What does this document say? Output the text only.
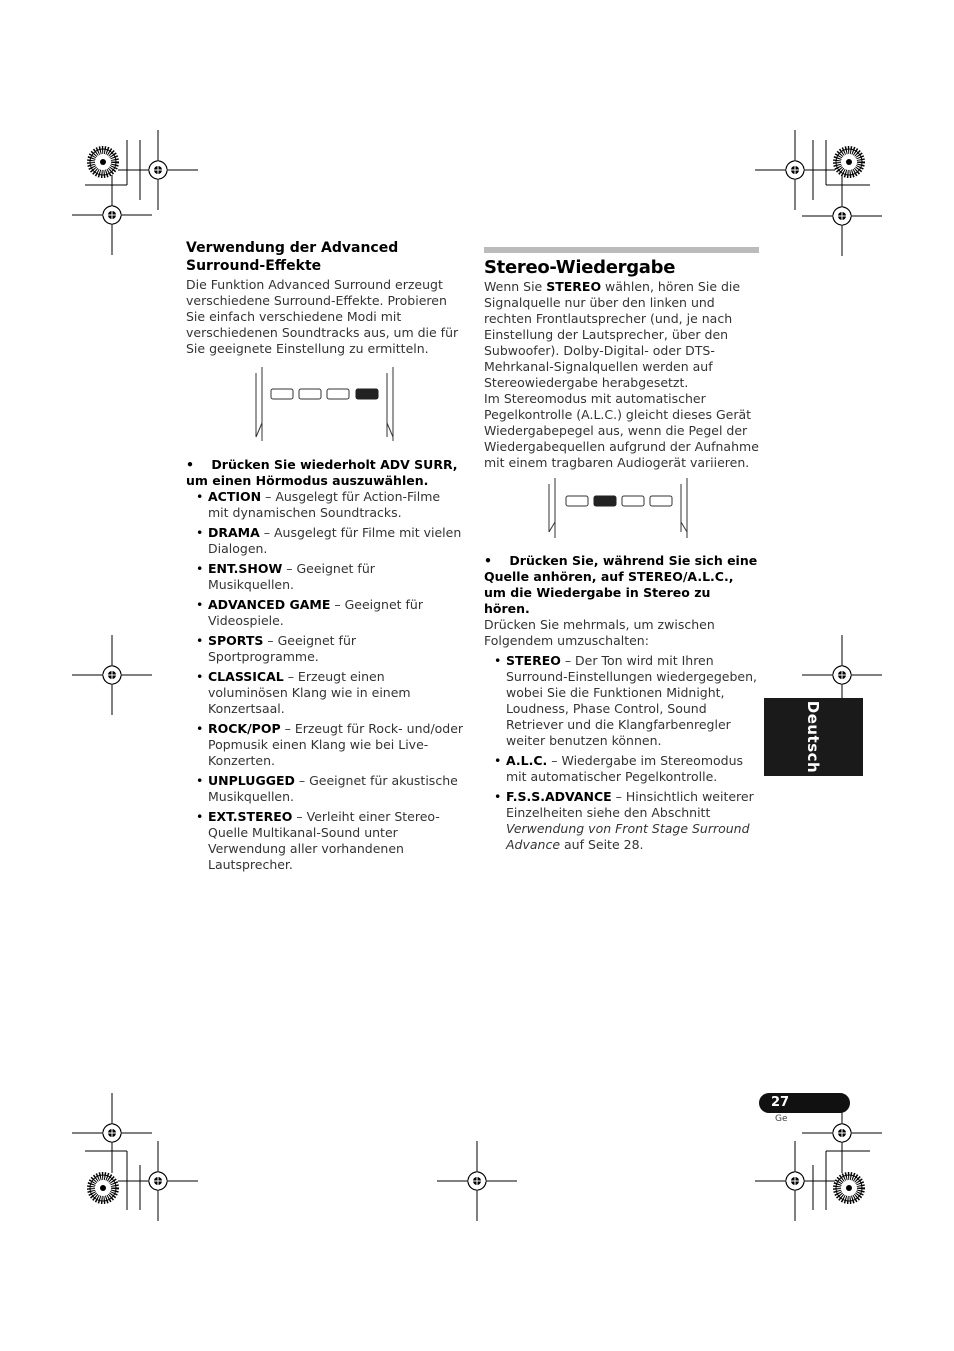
Verwendung der Advanced Surround-Effekte

Die Funktion Advanced Surround erzeugt verschiedene Surround-Effekte. Probieren Sie einfach verschiedene Modi mit verschiedenen Soundtracks aus, um die für Sie geeignete Einstellung zu ermitteln.

• Drücken Sie wiederholt ADV SURR, um einen Hörmodus auszuwählen.

• ACTION – Ausgelegt für Action-Filme mit dynamischen Soundtracks.
• DRAMA – Ausgelegt für Filme mit vielen Dialogen.
• ENT.SHOW – Geeignet für Musikquellen.
• ADVANCED GAME – Geeignet für Videospiele.
• SPORTS – Geeignet für Sportprogramme.
• CLASSICAL – Erzeugt einen voluminösen Klang wie in einem Konzertsaal.
• ROCK/POP – Erzeugt für Rock- und/oder Popmusik einen Klang wie bei Live-Konzerten.
• UNPLUGGED – Geeignet für akustische Musikquellen.
• EXT.STEREO – Verleiht einer Stereo-Quelle Multikanal-Sound unter Verwendung aller vorhandenen Lautsprecher.
Stereo-Wiedergabe

Wenn Sie STEREO wählen, hören Sie die Signalquelle nur über den linken und rechten Frontlautsprecher (und, je nach Einstellung der Lautsprecher, über den Subwoofer). Dolby-Digital- oder DTS-Mehrkanal-Signalquellen werden auf Stereowiedergabe herabgesetzt.

Im Stereomodus mit automatischer Pegelkontrolle (A.L.C.) gleicht dieses Gerät Wiedergabepegel aus, wenn die Pegel der Wiedergabequellen aufgrund der Aufnahme mit einem tragbaren Audiogerät variieren.

• Drücken Sie, während Sie sich eine Quelle anhören, auf STEREO/A.L.C., um die Wiedergabe in Stereo zu hören.

Drücken Sie mehrmals, um zwischen Folgendem umzuschalten:

• STEREO – Der Ton wird mit Ihren Surround-Einstellungen wiedergegeben, wobei Sie die Funktionen Midnight, Loudness, Phase Control, Sound Retriever und die Klangfarbenregler weiter benutzen können.
• A.L.C. – Wiedergabe im Stereomodus mit automatischer Pegelkontrolle.
• F.S.S.ADVANCE – Hinsichtlich weiterer Einzelheiten siehe den Abschnitt Verwendung von Front Stage Surround Advance auf Seite 28.
Deutsch
27
Ge
